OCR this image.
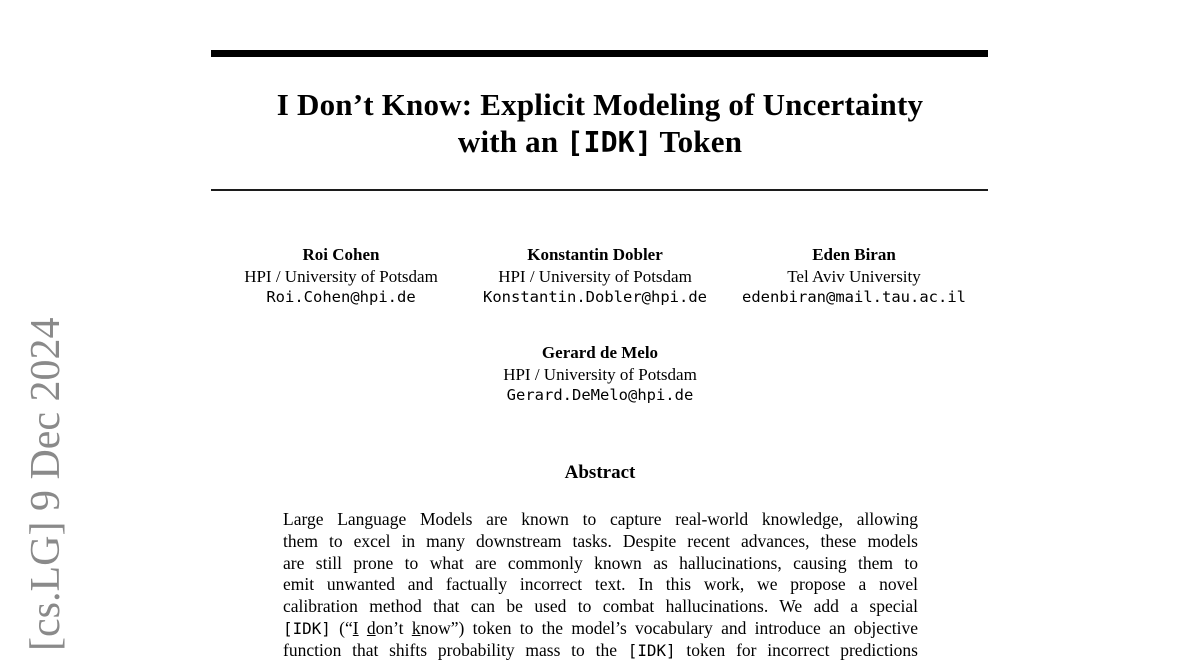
[cs.LG] 9 Dec 2024
I Don’t Know: Explicit Modeling of Uncertainty
with an [IDK] Token
Roi Cohen
HPI / University of Potsdam
Roi.Cohen@hpi.de
Konstantin Dobler
HPI / University of Potsdam
Konstantin.Dobler@hpi.de
Eden Biran
Tel Aviv University
edenbiran@mail.tau.ac.il
Gerard de Melo
HPI / University of Potsdam
Gerard.DeMelo@hpi.de
Abstract
Large Language Models are known to capture real-world knowledge, allowing
them to excel in many downstream tasks. Despite recent advances, these models
are still prone to what are commonly known as hallucinations, causing them to
emit unwanted and factually incorrect text. In this work, we propose a novel
calibration method that can be used to combat hallucinations. We add a special
[IDK] (“I don’t know”) token to the model’s vocabulary and introduce an objective
function that shifts probability mass to the [IDK] token for incorrect predictions
